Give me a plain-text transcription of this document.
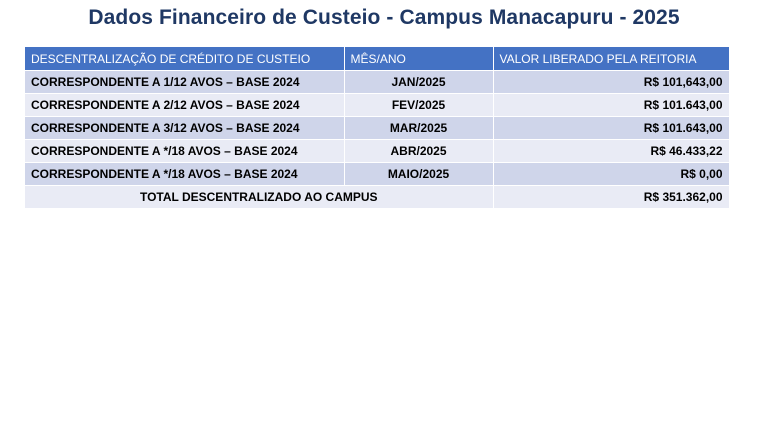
Dados Financeiro de Custeio - Campus Manacapuru - 2025
DESCENTRALIZAÇÃO DE CRÉDITO DE CUSTEIO	MÊS/ANO	VALOR LIBERADO PELA REITORIA
CORRESPONDENTE A 1/12 AVOS – BASE 2024	JAN/2025	R$ 101,643,00
CORRESPONDENTE A 2/12 AVOS – BASE 2024	FEV/2025	R$ 101.643,00
CORRESPONDENTE A 3/12 AVOS – BASE 2024	MAR/2025	R$ 101.643,00
CORRESPONDENTE A */18 AVOS – BASE 2024	ABR/2025	R$ 46.433,22
CORRESPONDENTE A */18 AVOS – BASE 2024	MAIO/2025	R$ 0,00
TOTAL DESCENTRALIZADO AO CAMPUS		R$ 351.362,00
